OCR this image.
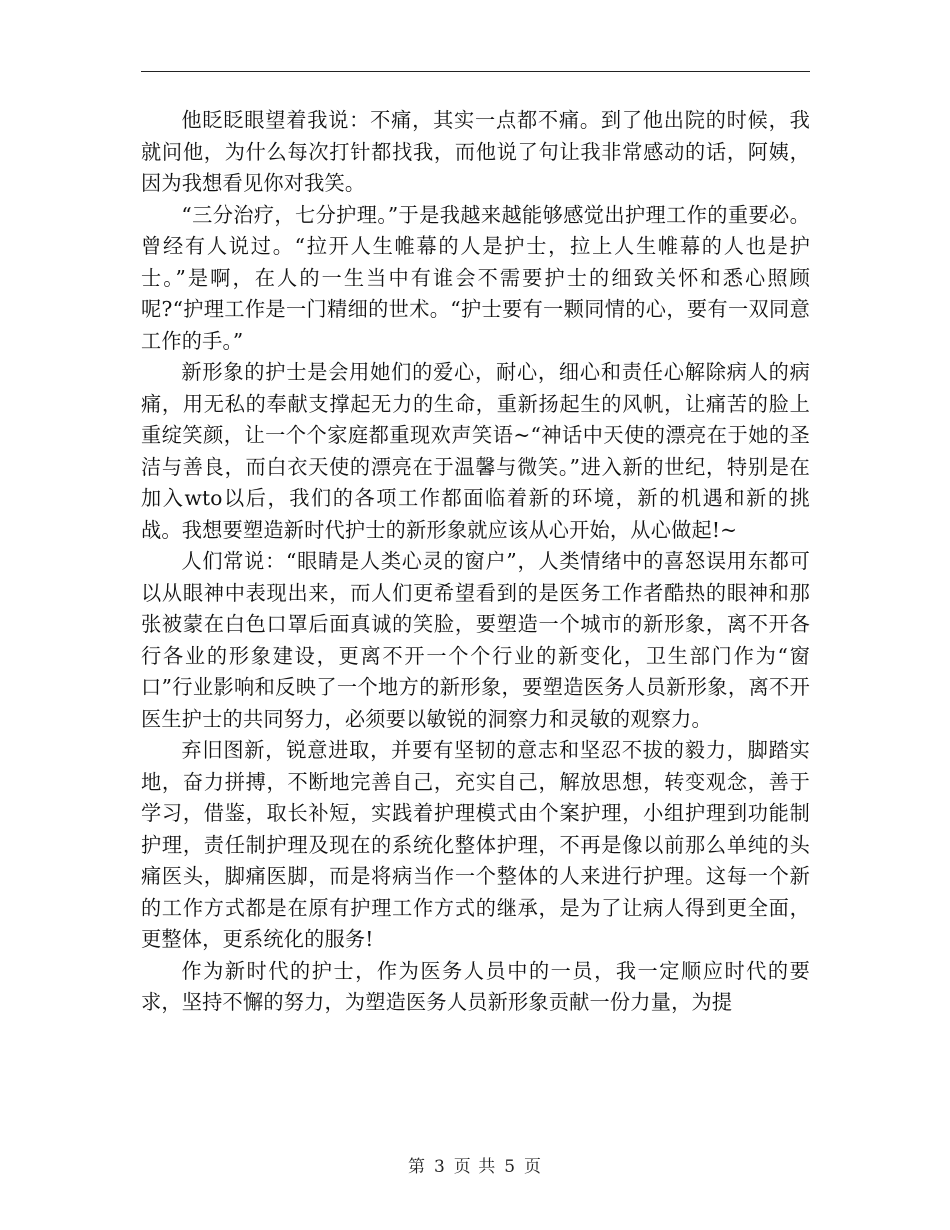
他眨眨眼望着我说：不痛，其实一点都不痛。到了他出院的时候，我就问他，为什么每次打针都找我，而他说了句让我非常感动的话，阿姨，因为我想看见你对我笑。

“三分治疗，七分护理。”于是我越来越能够感觉出护理工作的重要必。曾经有人说过。“拉开人生帷幕的人是护士，拉上人生帷幕的人也是护士。”是啊，在人的一生当中有谁会不需要护士的细致关怀和悉心照顾呢?“护理工作是一门精细的世术。“护士要有一颗同情的心，要有一双同意工作的手。”

新形象的护士是会用她们的爱心，耐心，细心和责任心解除病人的病痛，用无私的奉献支撑起无力的生命，重新扬起生的风帆，让痛苦的脸上重绽笑颜，让一个个家庭都重现欢声笑语~“神话中天使的漂亮在于她的圣洁与善良，而白衣天使的漂亮在于温馨与微笑。”进入新的世纪，特别是在加入wto以后，我们的各项工作都面临着新的环境，新的机遇和新的挑战。我想要塑造新时代护士的新形象就应该从心开始，从心做起!~

人们常说：“眼睛是人类心灵的窗户”，人类情绪中的喜怒误用东都可以从眼神中表现出来，而人们更希望看到的是医务工作者酷热的眼神和那张被蒙在白色口罩后面真诚的笑脸，要塑造一个城市的新形象，离不开各行各业的形象建设，更离不开一个个行业的新变化，卫生部门作为“窗口”行业影响和反映了一个地方的新形象，要塑造医务人员新形象，离不开医生护士的共同努力，必须要以敏锐的洞察力和灵敏的观察力。

弃旧图新，锐意进取，并要有坚韧的意志和坚忍不拔的毅力，脚踏实地，奋力拼搏，不断地完善自己，充实自己，解放思想，转变观念，善于学习，借鉴，取长补短，实践着护理模式由个案护理，小组护理到功能制护理，责任制护理及现在的系统化整体护理，不再是像以前那么单纯的头痛医头，脚痛医脚，而是将病当作一个整体的人来进行护理。这每一个新的工作方式都是在原有护理工作方式的继承，是为了让病人得到更全面，更整体，更系统化的服务!

作为新时代的护士，作为医务人员中的一员，我一定顺应时代的要求，坚持不懈的努力，为塑造医务人员新形象贡献一份力量，为提

第 3 页 共 5 页
